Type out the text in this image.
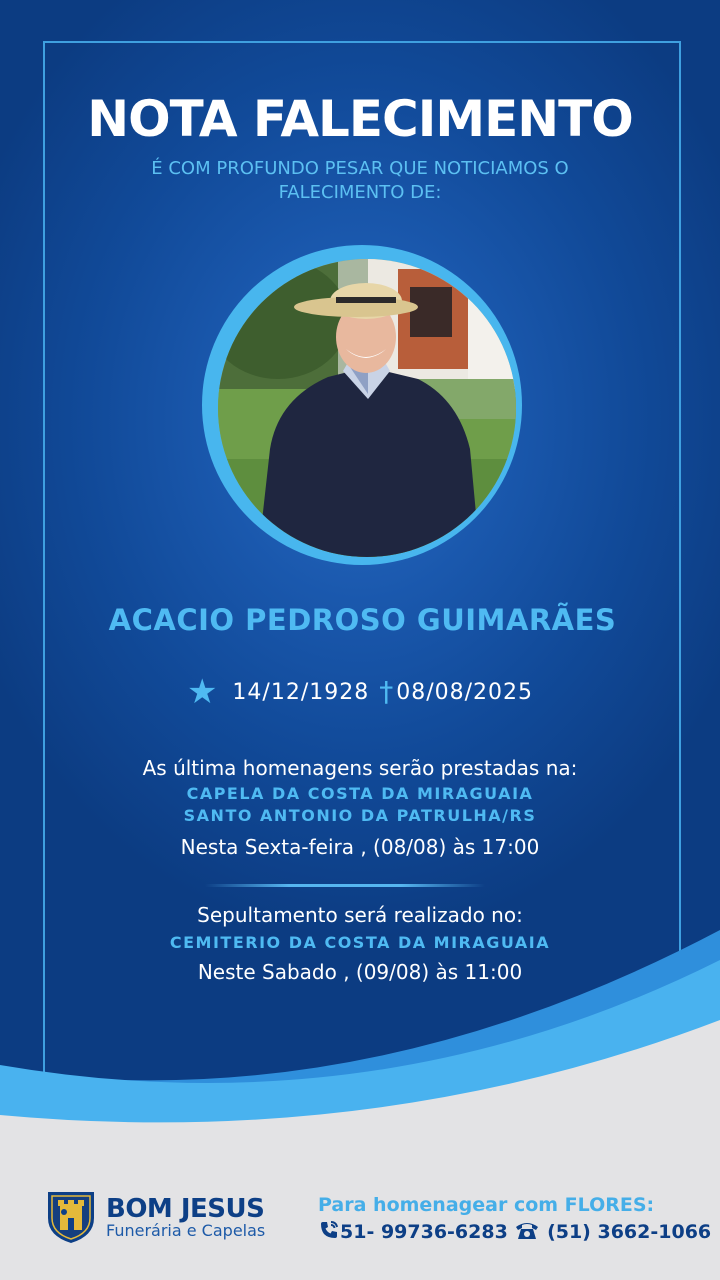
NOTA FALECIMENTO
É COM PROFUNDO PESAR QUE NOTICIAMOS O
FALECIMENTO DE:
ACACIO PEDROSO GUIMARÃES
★ 14/12/1928 †08/08/2025
As última homenagens serão prestadas na:
CAPELA DA COSTA DA MIRAGUAIA
SANTO ANTONIO DA PATRULHA/RS
Nesta Sexta-feira , (08/08) às 17:00
Sepultamento será realizado no:
CEMITERIO DA COSTA DA MIRAGUAIA
Neste Sabado , (09/08) às 11:00
BOM JESUS
Funerária e Capelas
Para homenagear com FLORES:
51- 99736-6283 (51) 3662-1066
